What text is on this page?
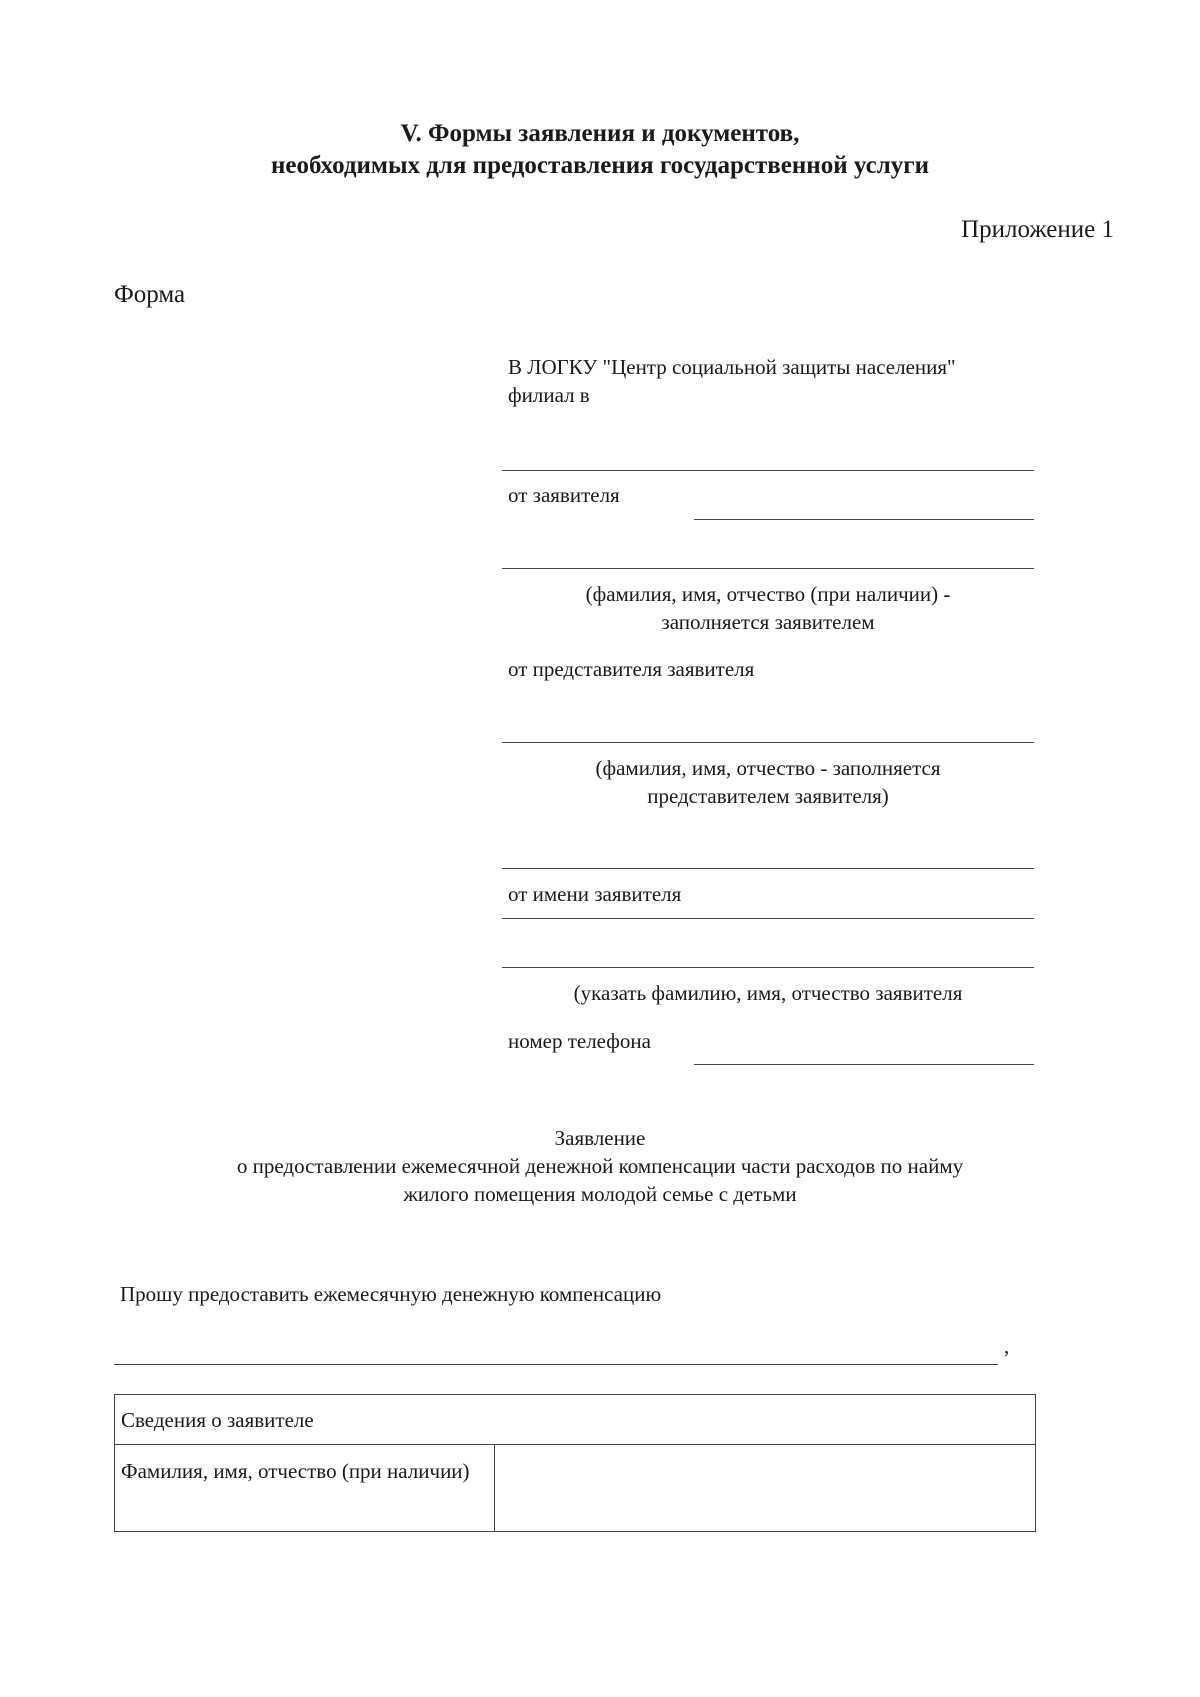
V. Формы заявления и документов,
необходимых для предоставления государственной услуги
Приложение 1
Форма
В ЛОГКУ "Центр социальной защиты населения"
филиал в
от заявителя
(фамилия, имя, отчество (при наличии) -
заполняется заявителем
от представителя заявителя
(фамилия, имя, отчество - заполняется
представителем заявителя)
от имени заявителя
(указать фамилию, имя, отчество заявителя
номер телефона
Заявление
о предоставлении ежемесячной денежной компенсации части расходов по найму
жилого помещения молодой семье с детьми
Прошу предоставить ежемесячную денежную компенсацию
,
Сведения о заявителе
Фамилия, имя, отчество (при наличии)	
